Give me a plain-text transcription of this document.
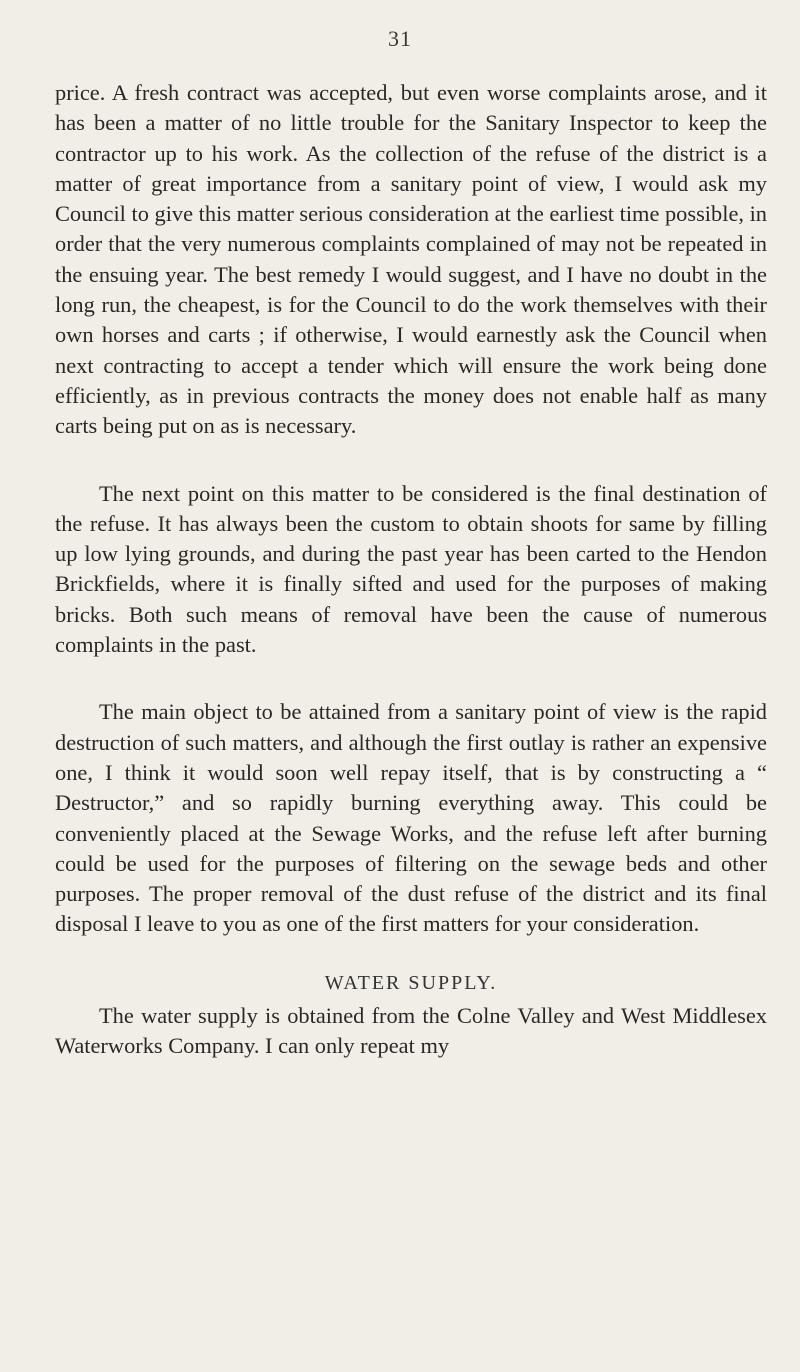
31

price. A fresh contract was accepted, but even worse complaints arose, and it has been a matter of no little trouble for the Sanitary Inspector to keep the contractor up to his work. As the collection of the refuse of the district is a matter of great importance from a sanitary point of view, I would ask my Council to give this matter serious consideration at the earliest time possible, in order that the very numerous complaints complained of may not be repeated in the ensuing year. The best remedy I would suggest, and I have no doubt in the long run, the cheapest, is for the Council to do the work themselves with their own horses and carts ; if otherwise, I would earnestly ask the Council when next contracting to accept a tender which will ensure the work being done efficiently, as in previous contracts the money does not enable half as many carts being put on as is necessary.

The next point on this matter to be considered is the final destination of the refuse. It has always been the custom to obtain shoots for same by filling up low lying grounds, and during the past year has been carted to the Hendon Brickfields, where it is finally sifted and used for the purposes of making bricks. Both such means of removal have been the cause of numerous complaints in the past.

The main object to be attained from a sanitary point of view is the rapid destruction of such matters, and although the first outlay is rather an expensive one, I think it would soon well repay itself, that is by constructing a “ Destructor,” and so rapidly burning everything away. This could be conveniently placed at the Sewage Works, and the refuse left after burning could be used for the purposes of filtering on the sewage beds and other purposes. The proper removal of the dust refuse of the district and its final disposal I leave to you as one of the first matters for your consideration.

WATER SUPPLY.

The water supply is obtained from the Colne Valley and West Middlesex Waterworks Company. I can only repeat my
